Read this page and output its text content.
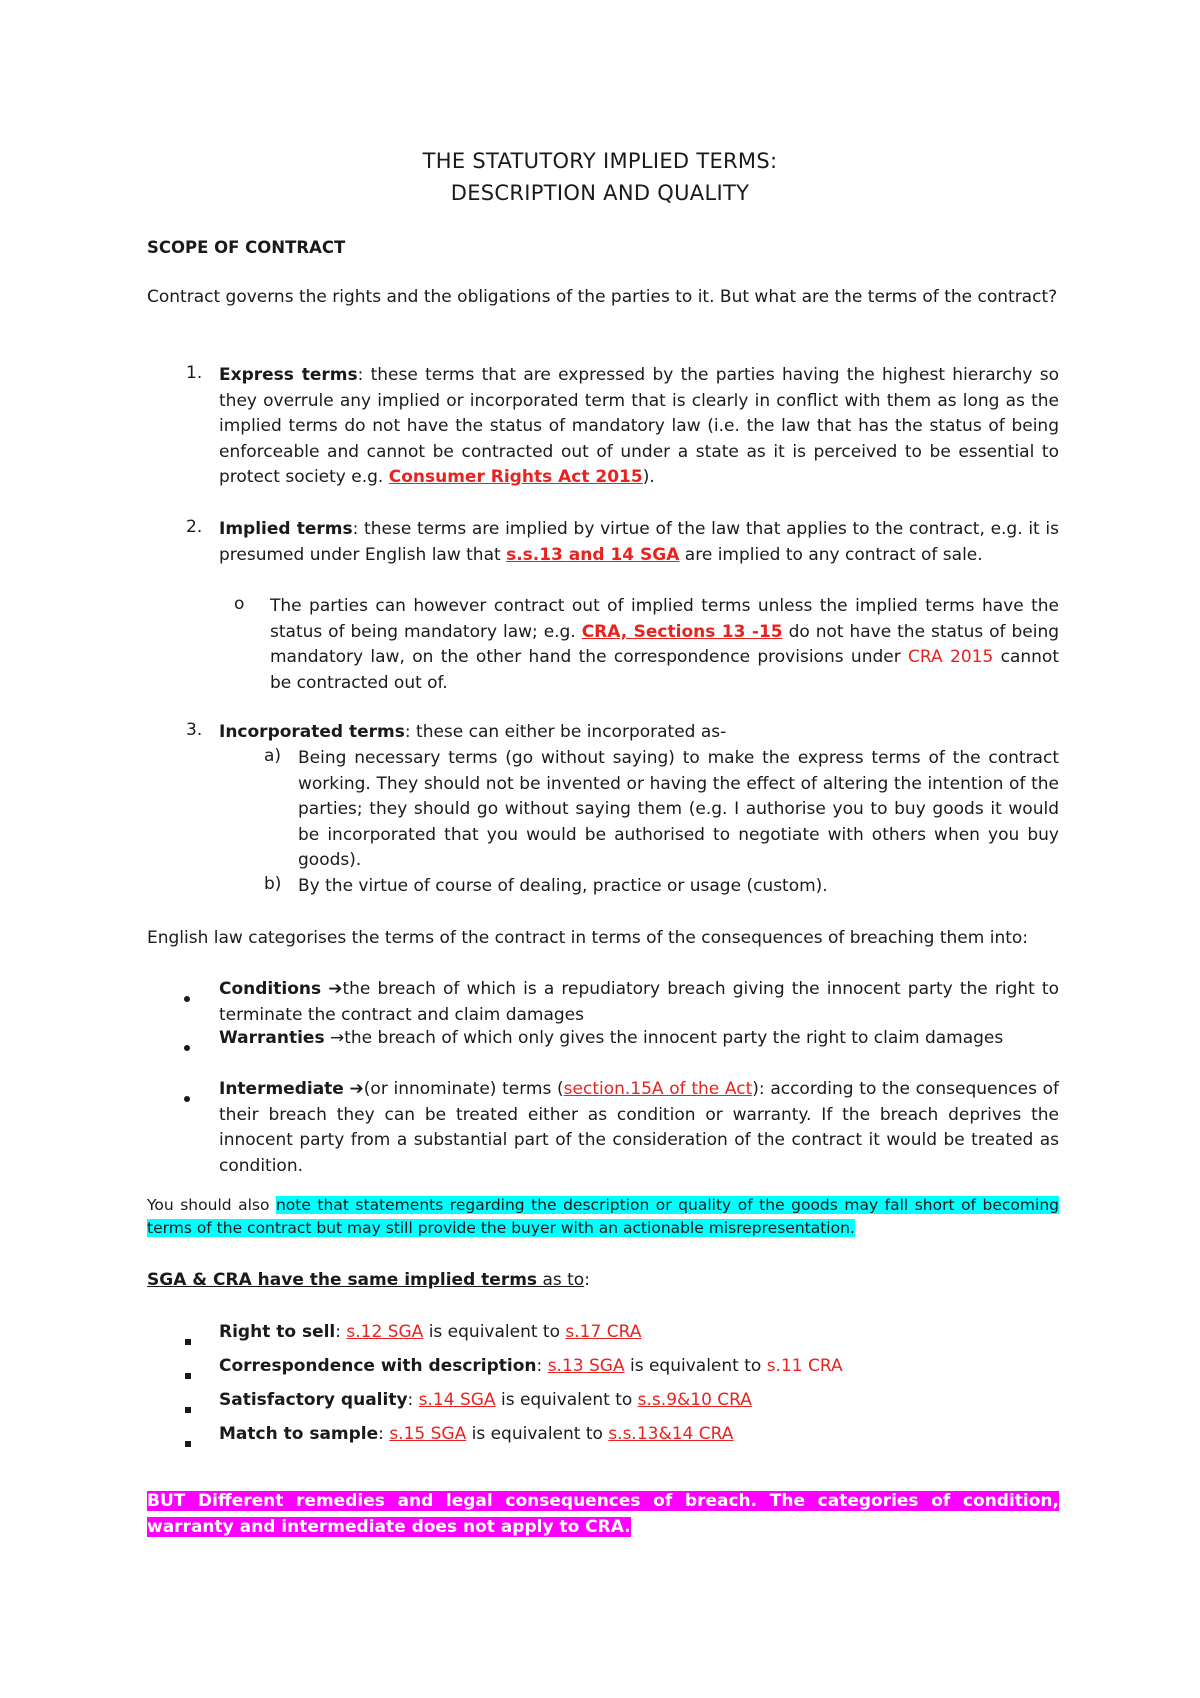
THE STATUTORY IMPLIED TERMS:
DESCRIPTION AND QUALITY
SCOPE OF CONTRACT
Contract governs the rights and the obligations of the parties to it. But what are the terms of the contract?
1. Express terms: these terms that are expressed by the parties having the highest hierarchy so they overrule any implied or incorporated term that is clearly in conflict with them as long as the implied terms do not have the status of mandatory law (i.e. the law that has the status of being enforceable and cannot be contracted out of under a state as it is perceived to be essential to protect society e.g. Consumer Rights Act 2015).
2. Implied terms: these terms are implied by virtue of the law that applies to the contract, e.g. it is presumed under English law that s.s.13 and 14 SGA are implied to any contract of sale.
o The parties can however contract out of implied terms unless the implied terms have the status of being mandatory law; e.g. CRA, Sections 13 -15 do not have the status of being mandatory law, on the other hand the correspondence provisions under CRA 2015 cannot be contracted out of.
3. Incorporated terms: these can either be incorporated as-
a) Being necessary terms (go without saying) to make the express terms of the contract working. They should not be invented or having the effect of altering the intention of the parties; they should go without saying them (e.g. I authorise you to buy goods it would be incorporated that you would be authorised to negotiate with others when you buy goods).
b) By the virtue of course of dealing, practice or usage (custom).
English law categorises the terms of the contract in terms of the consequences of breaching them into:
Conditions ➔the breach of which is a repudiatory breach giving the innocent party the right to terminate the contract and claim damages
Warranties →the breach of which only gives the innocent party the right to claim damages
Intermediate ➔(or innominate) terms (section.15A of the Act): according to the consequences of their breach they can be treated either as condition or warranty. If the breach deprives the innocent party from a substantial part of the consideration of the contract it would be treated as condition.
You should also note that statements regarding the description or quality of the goods may fall short of becoming terms of the contract but may still provide the buyer with an actionable misrepresentation.
SGA & CRA have the same implied terms as to:
Right to sell: s.12 SGA is equivalent to s.17 CRA
Correspondence with description: s.13 SGA is equivalent to s.11 CRA
Satisfactory quality: s.14 SGA is equivalent to s.s.9&10 CRA
Match to sample: s.15 SGA is equivalent to s.s.13&14 CRA
BUT Different remedies and legal consequences of breach. The categories of condition, warranty and intermediate does not apply to CRA.
